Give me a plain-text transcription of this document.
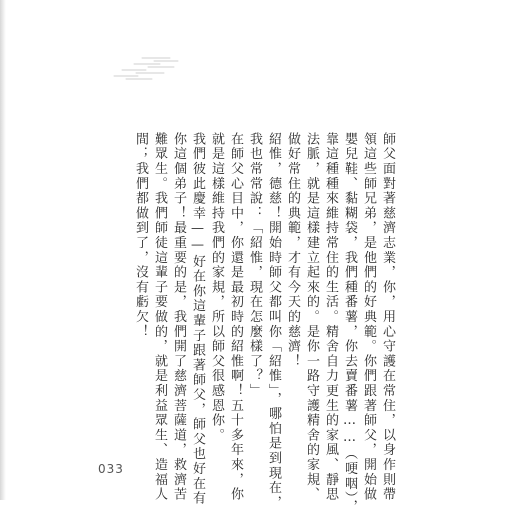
師父面對著慈濟志業，你，用心守護在常住，以身作則帶
領這些師兄弟，是他們的好典範。你們跟著師父，開始做
嬰兒鞋、黏糊袋，我們種番薯，你去賣番薯……（哽咽），
靠這種種來維持常住的生活。精舍自力更生的家風、靜思
法脈，就是這樣建立起來的。是你一路守護精舍的家規、
做好常住的典範，才有今天的慈濟！
紹惟，德慈！開始時師父都叫你「紹惟」，哪怕是到現在，
我也常常說：「紹惟，現在怎麼樣了？」
在師父心目中，你還是最初時的紹惟啊！五十多年來，你
就是這樣維持我們的家規，所以師父很感恩你。
我們彼此慶幸——好在你這輩子跟著師父，師父也好在有
你這個弟子！最重要的是，我們開了慈濟菩薩道，救濟苦
難眾生。我們師徒這輩子要做的，就是利益眾生、造福人
間；我們都做到了，沒有虧欠！
033
